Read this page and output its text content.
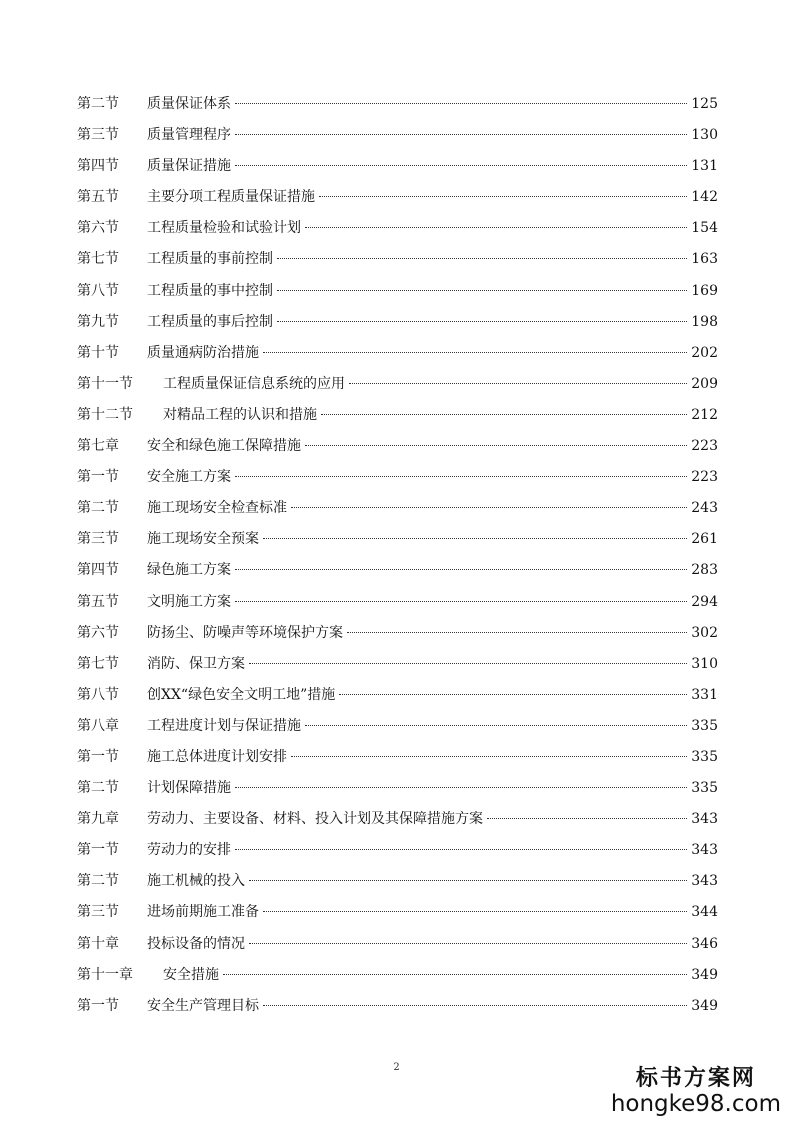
第二节	质量保证体系	125
第三节	质量管理程序	130
第四节	质量保证措施	131
第五节	主要分项工程质量保证措施	142
第六节	工程质量检验和试验计划	154
第七节	工程质量的事前控制	163
第八节	工程质量的事中控制	169
第九节	工程质量的事后控制	198
第十节	质量通病防治措施	202
第十一节	工程质量保证信息系统的应用	209
第十二节	对精品工程的认识和措施	212
第七章	安全和绿色施工保障措施	223
第一节	安全施工方案	223
第二节	施工现场安全检查标准	243
第三节	施工现场安全预案	261
第四节	绿色施工方案	283
第五节	文明施工方案	294
第六节	防扬尘、防噪声等环境保护方案	302
第七节	消防、保卫方案	310
第八节	创XX“绿色安全文明工地”措施	331
第八章	工程进度计划与保证措施	335
第一节	施工总体进度计划安排	335
第二节	计划保障措施	335
第九章	劳动力、主要设备、材料、投入计划及其保障措施方案	343
第一节	劳动力的安排	343
第二节	施工机械的投入	343
第三节	进场前期施工准备	344
第十章	投标设备的情况	346
第十一章	安全措施	349
第一节	安全生产管理目标	349
2	标书方案网
hongke98.com
